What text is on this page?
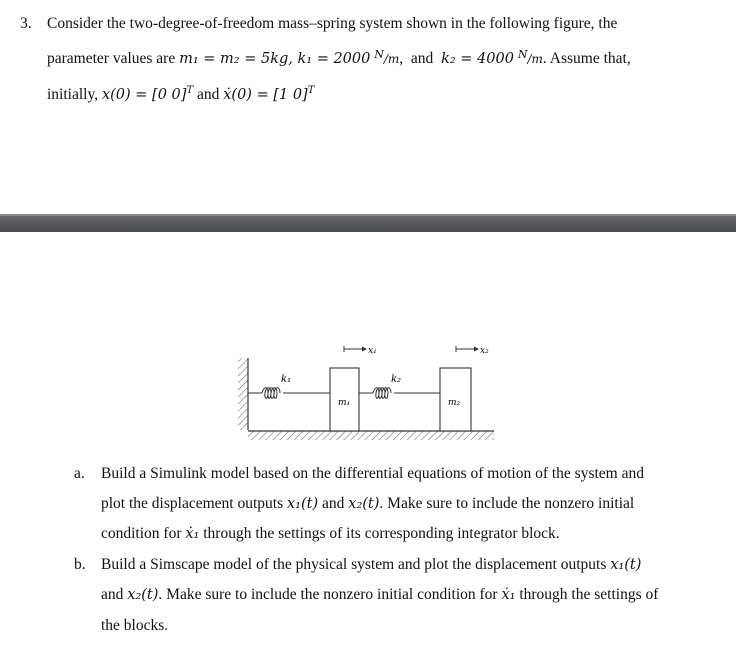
3. Consider the two-degree-of-freedom mass–spring system shown in the following figure, the
parameter values are m₁ = m₂ = 5kg, k₁ = 2000 $^N$/m,  and k₂ = 4000 $^N$/m. Assume that,
initially, x(0) = [0 0]$^T$ and ẋ(0) = [1 0]$^T$
k₁
m₁
x₁
k₂
m₂
x₂
a. Build a Simulink model based on the differential equations of motion of the system and
plot the displacement outputs x₁(t) and x₂(t). Make sure to include the nonzero initial
condition for ẋ₁ through the settings of its corresponding integrator block.
b. Build a Simscape model of the physical system and plot the displacement outputs x₁(t)
and x₂(t). Make sure to include the nonzero initial condition for ẋ₁ through the settings of
the blocks.
